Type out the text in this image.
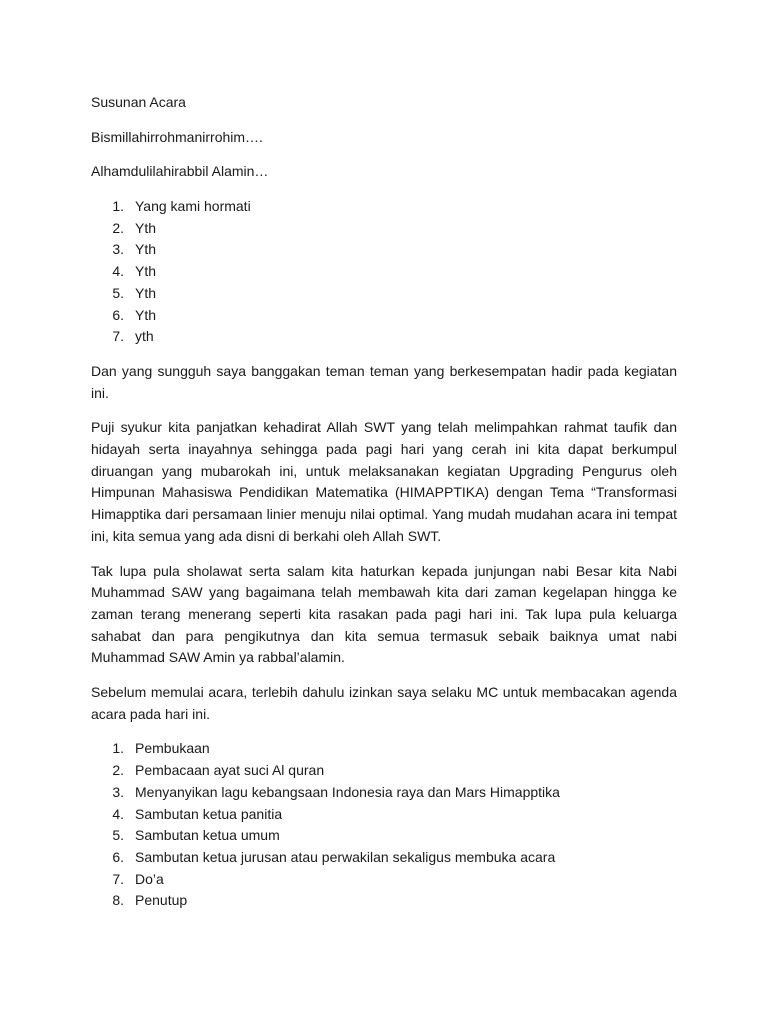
Susunan Acara
Bismillahirrohmanirrohim….
Alhamdulilahirabbil Alamin…
1. Yang kami hormati
2. Yth
3. Yth
4. Yth
5. Yth
6. Yth
7. yth

Dan yang sungguh saya banggakan teman teman yang berkesempatan hadir pada kegiatan ini.

Puji syukur kita panjatkan kehadirat Allah SWT yang telah melimpahkan rahmat taufik dan hidayah serta inayahnya sehingga pada pagi hari yang cerah ini kita dapat berkumpul diruangan yang mubarokah ini, untuk melaksanakan kegiatan Upgrading Pengurus oleh Himpunan Mahasiswa Pendidikan Matematika (HIMAPPTIKA) dengan Tema “Transformasi Himapptika dari persamaan linier menuju nilai optimal. Yang mudah mudahan acara ini tempat ini, kita semua yang ada disni di berkahi oleh Allah SWT.

Tak lupa pula sholawat serta salam kita haturkan kepada junjungan nabi Besar kita Nabi Muhammad SAW yang bagaimana telah membawah kita dari zaman kegelapan hingga ke zaman terang menerang seperti kita rasakan pada pagi hari ini. Tak lupa pula keluarga sahabat dan para pengikutnya dan kita semua termasuk sebaik baiknya umat nabi Muhammad SAW Amin ya rabbal’alamin.

Sebelum memulai acara, terlebih dahulu izinkan saya selaku MC untuk membacakan agenda acara pada hari ini.

1. Pembukaan
2. Pembacaan ayat suci Al quran
3. Menyanyikan lagu kebangsaan Indonesia raya dan Mars Himapptika
4. Sambutan ketua panitia
5. Sambutan ketua umum
6. Sambutan ketua jurusan atau perwakilan sekaligus membuka acara
7. Do’a
8. Penutup
